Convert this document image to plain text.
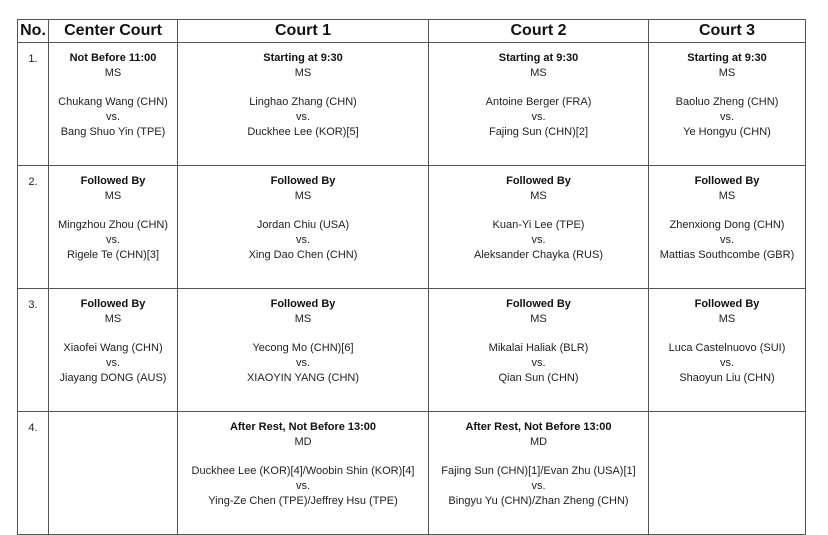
No.	Center Court	Court 1	Court 2	Court 3

1.	Not Before 11:00
MS
Chukang Wang (CHN)
vs.
Bang Shuo Yin (TPE)	Starting at 9:30
MS
Linghao Zhang (CHN)
vs.
Duckhee Lee (KOR)[5]	Starting at 9:30
MS
Antoine Berger (FRA)
vs.
Fajing Sun (CHN)[2]	Starting at 9:30
MS
Baoluo Zheng (CHN)
vs.
Ye Hongyu (CHN)

2.	Followed By
MS
Mingzhou Zhou (CHN)
vs.
Rigele Te (CHN)[3]	Followed By
MS
Jordan Chiu (USA)
vs.
Xing Dao Chen (CHN)	Followed By
MS
Kuan-Yi Lee (TPE)
vs.
Aleksander Chayka (RUS)	Followed By
MS
Zhenxiong Dong (CHN)
vs.
Mattias Southcombe (GBR)

3.	Followed By
MS
Xiaofei Wang (CHN)
vs.
Jiayang DONG (AUS)	Followed By
MS
Yecong Mo (CHN)[6]
vs.
XIAOYIN YANG (CHN)	Followed By
MS
Mikalai Haliak (BLR)
vs.
Qian Sun (CHN)	Followed By
MS
Luca Castelnuovo (SUI)
vs.
Shaoyun Liu (CHN)

4.		After Rest, Not Before 13:00
MD
Duckhee Lee (KOR)[4]/Woobin Shin (KOR)[4]
vs.
Ying-Ze Chen (TPE)/Jeffrey Hsu (TPE)	After Rest, Not Before 13:00
MD
Fajing Sun (CHN)[1]/Evan Zhu (USA)[1]
vs.
Bingyu Yu (CHN)/Zhan Zheng (CHN)	
